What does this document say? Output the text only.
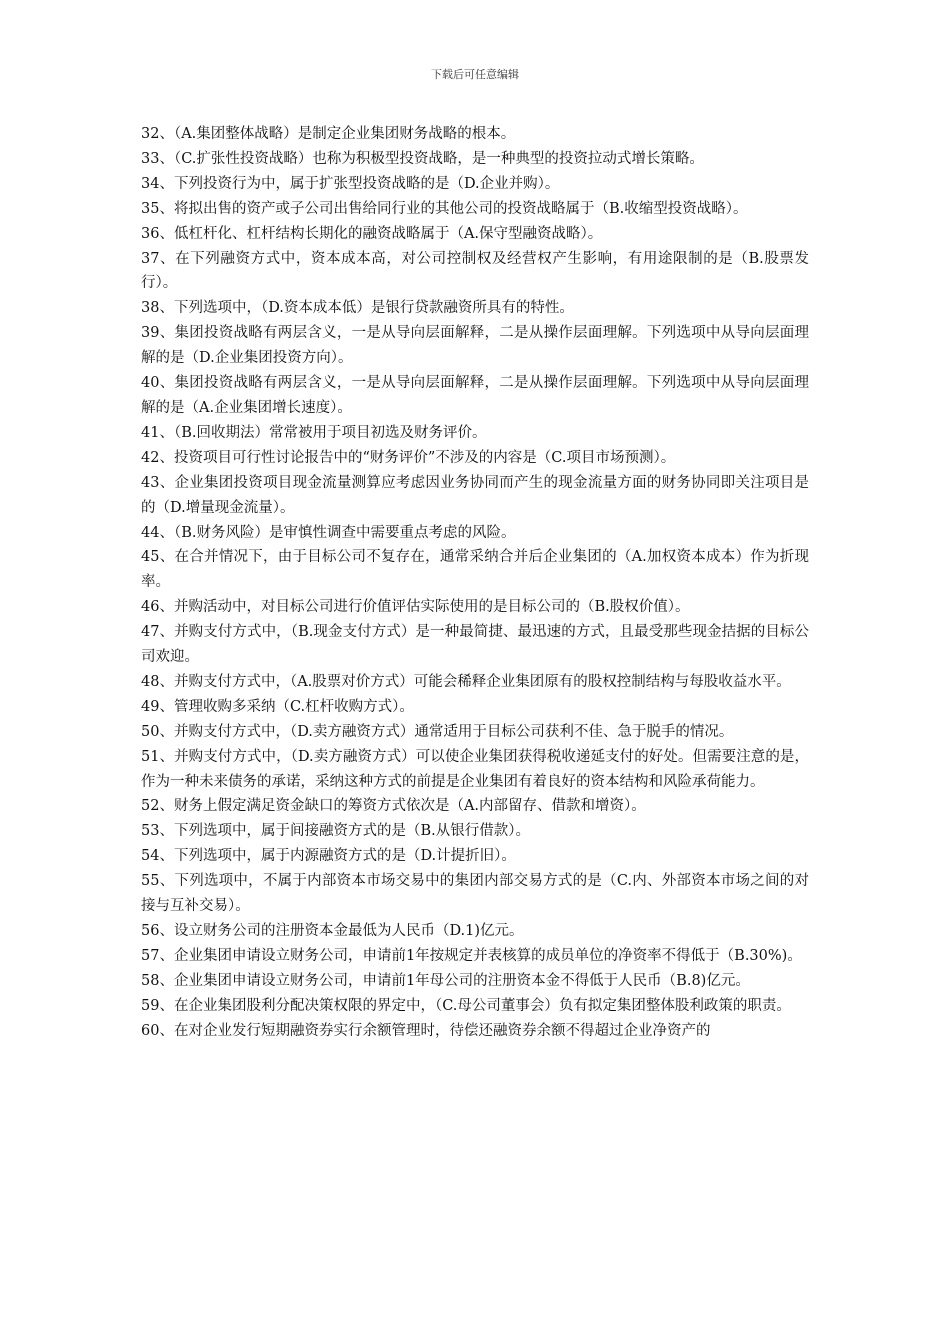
下载后可任意编辑

32、（A.集团整体战略）是制定企业集团财务战略的根本。

33、（C.扩张性投资战略）也称为积极型投资战略，是一种典型的投资拉动式增长策略。

34、下列投资行为中，属于扩张型投资战略的是（D.企业并购）。

35、将拟出售的资产或子公司出售给同行业的其他公司的投资战略属于（B.收缩型投资战略）。

36、低杠杆化、杠杆结构长期化的融资战略属于（A.保守型融资战略）。

37、在下列融资方式中，资本成本高，对公司控制权及经营权产生影响，有用途限制的是（B.股票发行）。

38、下列选项中，（D.资本成本低）是银行贷款融资所具有的特性。

39、集团投资战略有两层含义，一是从导向层面解释，二是从操作层面理解。下列选项中从导向层面理解的是（D.企业集团投资方向）。

40、集团投资战略有两层含义，一是从导向层面解释，二是从操作层面理解。下列选项中从导向层面理解的是（A.企业集团增长速度）。

41、（B.回收期法）常常被用于项目初选及财务评价。

42、投资项目可行性讨论报告中的“财务评价”不涉及的内容是（C.项目市场预测）。

43、企业集团投资项目现金流量测算应考虑因业务协同而产生的现金流量方面的财务协同即关注项目是的（D.增量现金流量）。

44、（B.财务风险）是审慎性调查中需要重点考虑的风险。

45、在合并情况下，由于目标公司不复存在，通常采纳合并后企业集团的（A.加权资本成本）作为折现率。

46、并购活动中，对目标公司进行价值评估实际使用的是目标公司的（B.股权价值）。

47、并购支付方式中，（B.现金支付方式）是一种最简捷、最迅速的方式，且最受那些现金拮据的目标公司欢迎。

48、并购支付方式中，（A.股票对价方式）可能会稀释企业集团原有的股权控制结构与每股收益水平。

49、管理收购多采纳（C.杠杆收购方式）。

50、并购支付方式中，（D.卖方融资方式）通常适用于目标公司获利不佳、急于脱手的情况。

51、并购支付方式中，（D.卖方融资方式）可以使企业集团获得税收递延支付的好处。但需要注意的是，作为一种未来债务的承诺，采纳这种方式的前提是企业集团有着良好的资本结构和风险承荷能力。

52、财务上假定满足资金缺口的筹资方式依次是（A.内部留存、借款和增资）。

53、下列选项中，属于间接融资方式的是（B.从银行借款）。

54、下列选项中，属于内源融资方式的是（D.计提折旧）。

55、下列选项中，不属于内部资本市场交易中的集团内部交易方式的是（C.内、外部资本市场之间的对接与互补交易）。

56、设立财务公司的注册资本金最低为人民币（D.1)亿元。

57、企业集团申请设立财务公司，申请前1年按规定并表核算的成员单位的净资率不得低于（B.30%)。

58、企业集团申请设立财务公司，申请前1年母公司的注册资本金不得低于人民币（B.8)亿元。

59、在企业集团股利分配决策权限的界定中，（C.母公司董事会）负有拟定集团整体股利政策的职责。

60、在对企业发行短期融资券实行余额管理时，待偿还融资券余额不得超过企业净资产的
